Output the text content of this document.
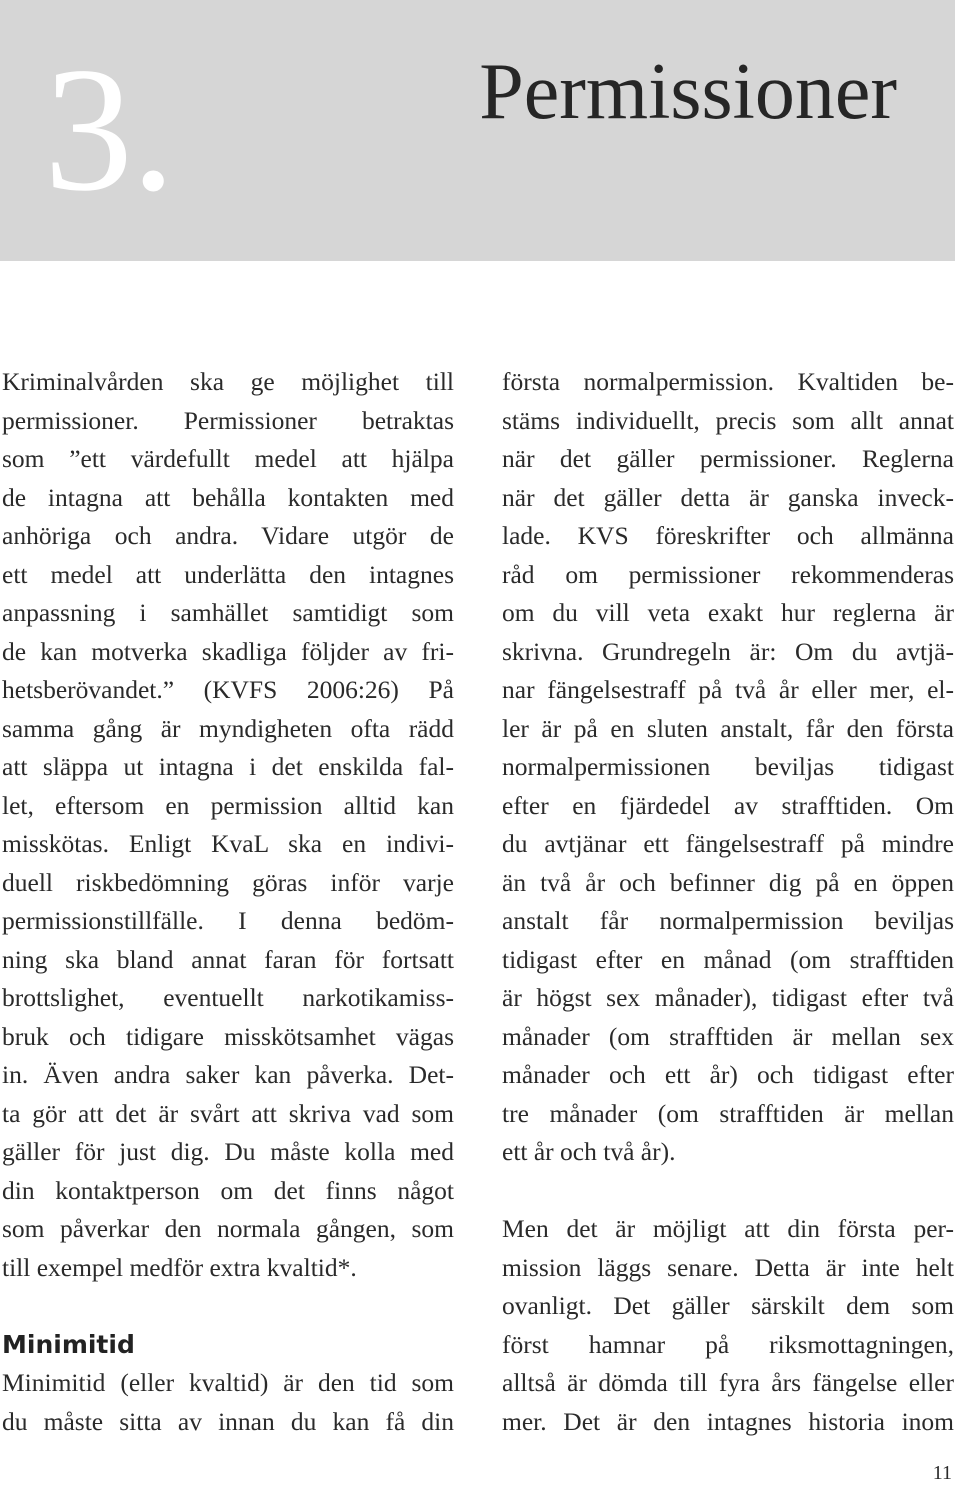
3.	Permissioner
Kriminalvården ska ge möjlighet till
permissioner. Permissioner betraktas
som ”ett värdefullt medel att hjälpa
de intagna att behålla kontakten med
anhöriga och andra. Vidare utgör de
ett medel att underlätta den intagnes
anpassning i samhället samtidigt som
de kan motverka skadliga följder av fri-
hetsberövandet.” (KVFS 2006:26) På
samma gång är myndigheten ofta rädd
att släppa ut intagna i det enskilda fal-
let, eftersom en permission alltid kan
misskötas. Enligt KvaL ska en indivi-
duell riskbedömning göras inför varje
permissionstillfälle. I denna bedöm-
ning ska bland annat faran för fortsatt
brottslighet, eventuellt narkotikamiss-
bruk och tidigare misskötsamhet vägas
in. Även andra saker kan påverka. Det-
ta gör att det är svårt att skriva vad som
gäller för just dig. Du måste kolla med
din kontaktperson om det finns något
som påverkar den normala gången, som
till exempel medför extra kvaltid*.
Minimitid
Minimitid (eller kvaltid) är den tid som
du måste sitta av innan du kan få din
första normalpermission. Kvaltiden be-
stäms individuellt, precis som allt annat
när det gäller permissioner. Reglerna
när det gäller detta är ganska inveck-
lade. KVS föreskrifter och allmänna
råd om permissioner rekommenderas
om du vill veta exakt hur reglerna är
skrivna. Grundregeln är: Om du avtjä-
nar fängelsestraff på två år eller mer, el-
ler är på en sluten anstalt, får den första
normalpermissionen beviljas tidigast
efter en fjärdedel av strafftiden. Om
du avtjänar ett fängelsestraff på mindre
än två år och befinner dig på en öppen
anstalt får normalpermission beviljas
tidigast efter en månad (om strafftiden
är högst sex månader), tidigast efter två
månader (om strafftiden är mellan sex
månader och ett år) och tidigast efter
tre månader (om strafftiden är mellan
ett år och två år).
Men det är möjligt att din första per-
mission läggs senare. Detta är inte helt
ovanligt. Det gäller särskilt dem som
först hamnar på riksmottagningen,
alltså är dömda till fyra års fängelse eller
mer. Det är den intagnes historia inom
11
